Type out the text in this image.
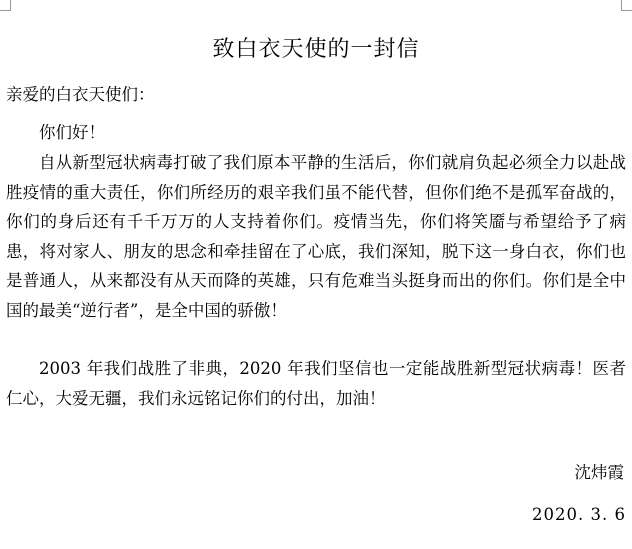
致白衣天使的一封信

亲爱的白衣天使们：

你们好！

自从新型冠状病毒打破了我们原本平静的生活后，你们就肩负起必须全力以赴战胜疫情的重大责任，你们所经历的艰辛我们虽不能代替，但你们绝不是孤军奋战的，你们的身后还有千千万万的人支持着你们。疫情当先，你们将笑靥与希望给予了病患，将对家人、朋友的思念和牵挂留在了心底，我们深知，脱下这一身白衣，你们也是普通人，从来都没有从天而降的英雄，只有危难当头挺身而出的你们。你们是全中国的最美“逆行者”，是全中国的骄傲！

2003 年我们战胜了非典，2020 年我们坚信也一定能战胜新型冠状病毒！医者仁心，大爱无疆，我们永远铭记你们的付出，加油！

沈炜霞
2020. 3. 6
